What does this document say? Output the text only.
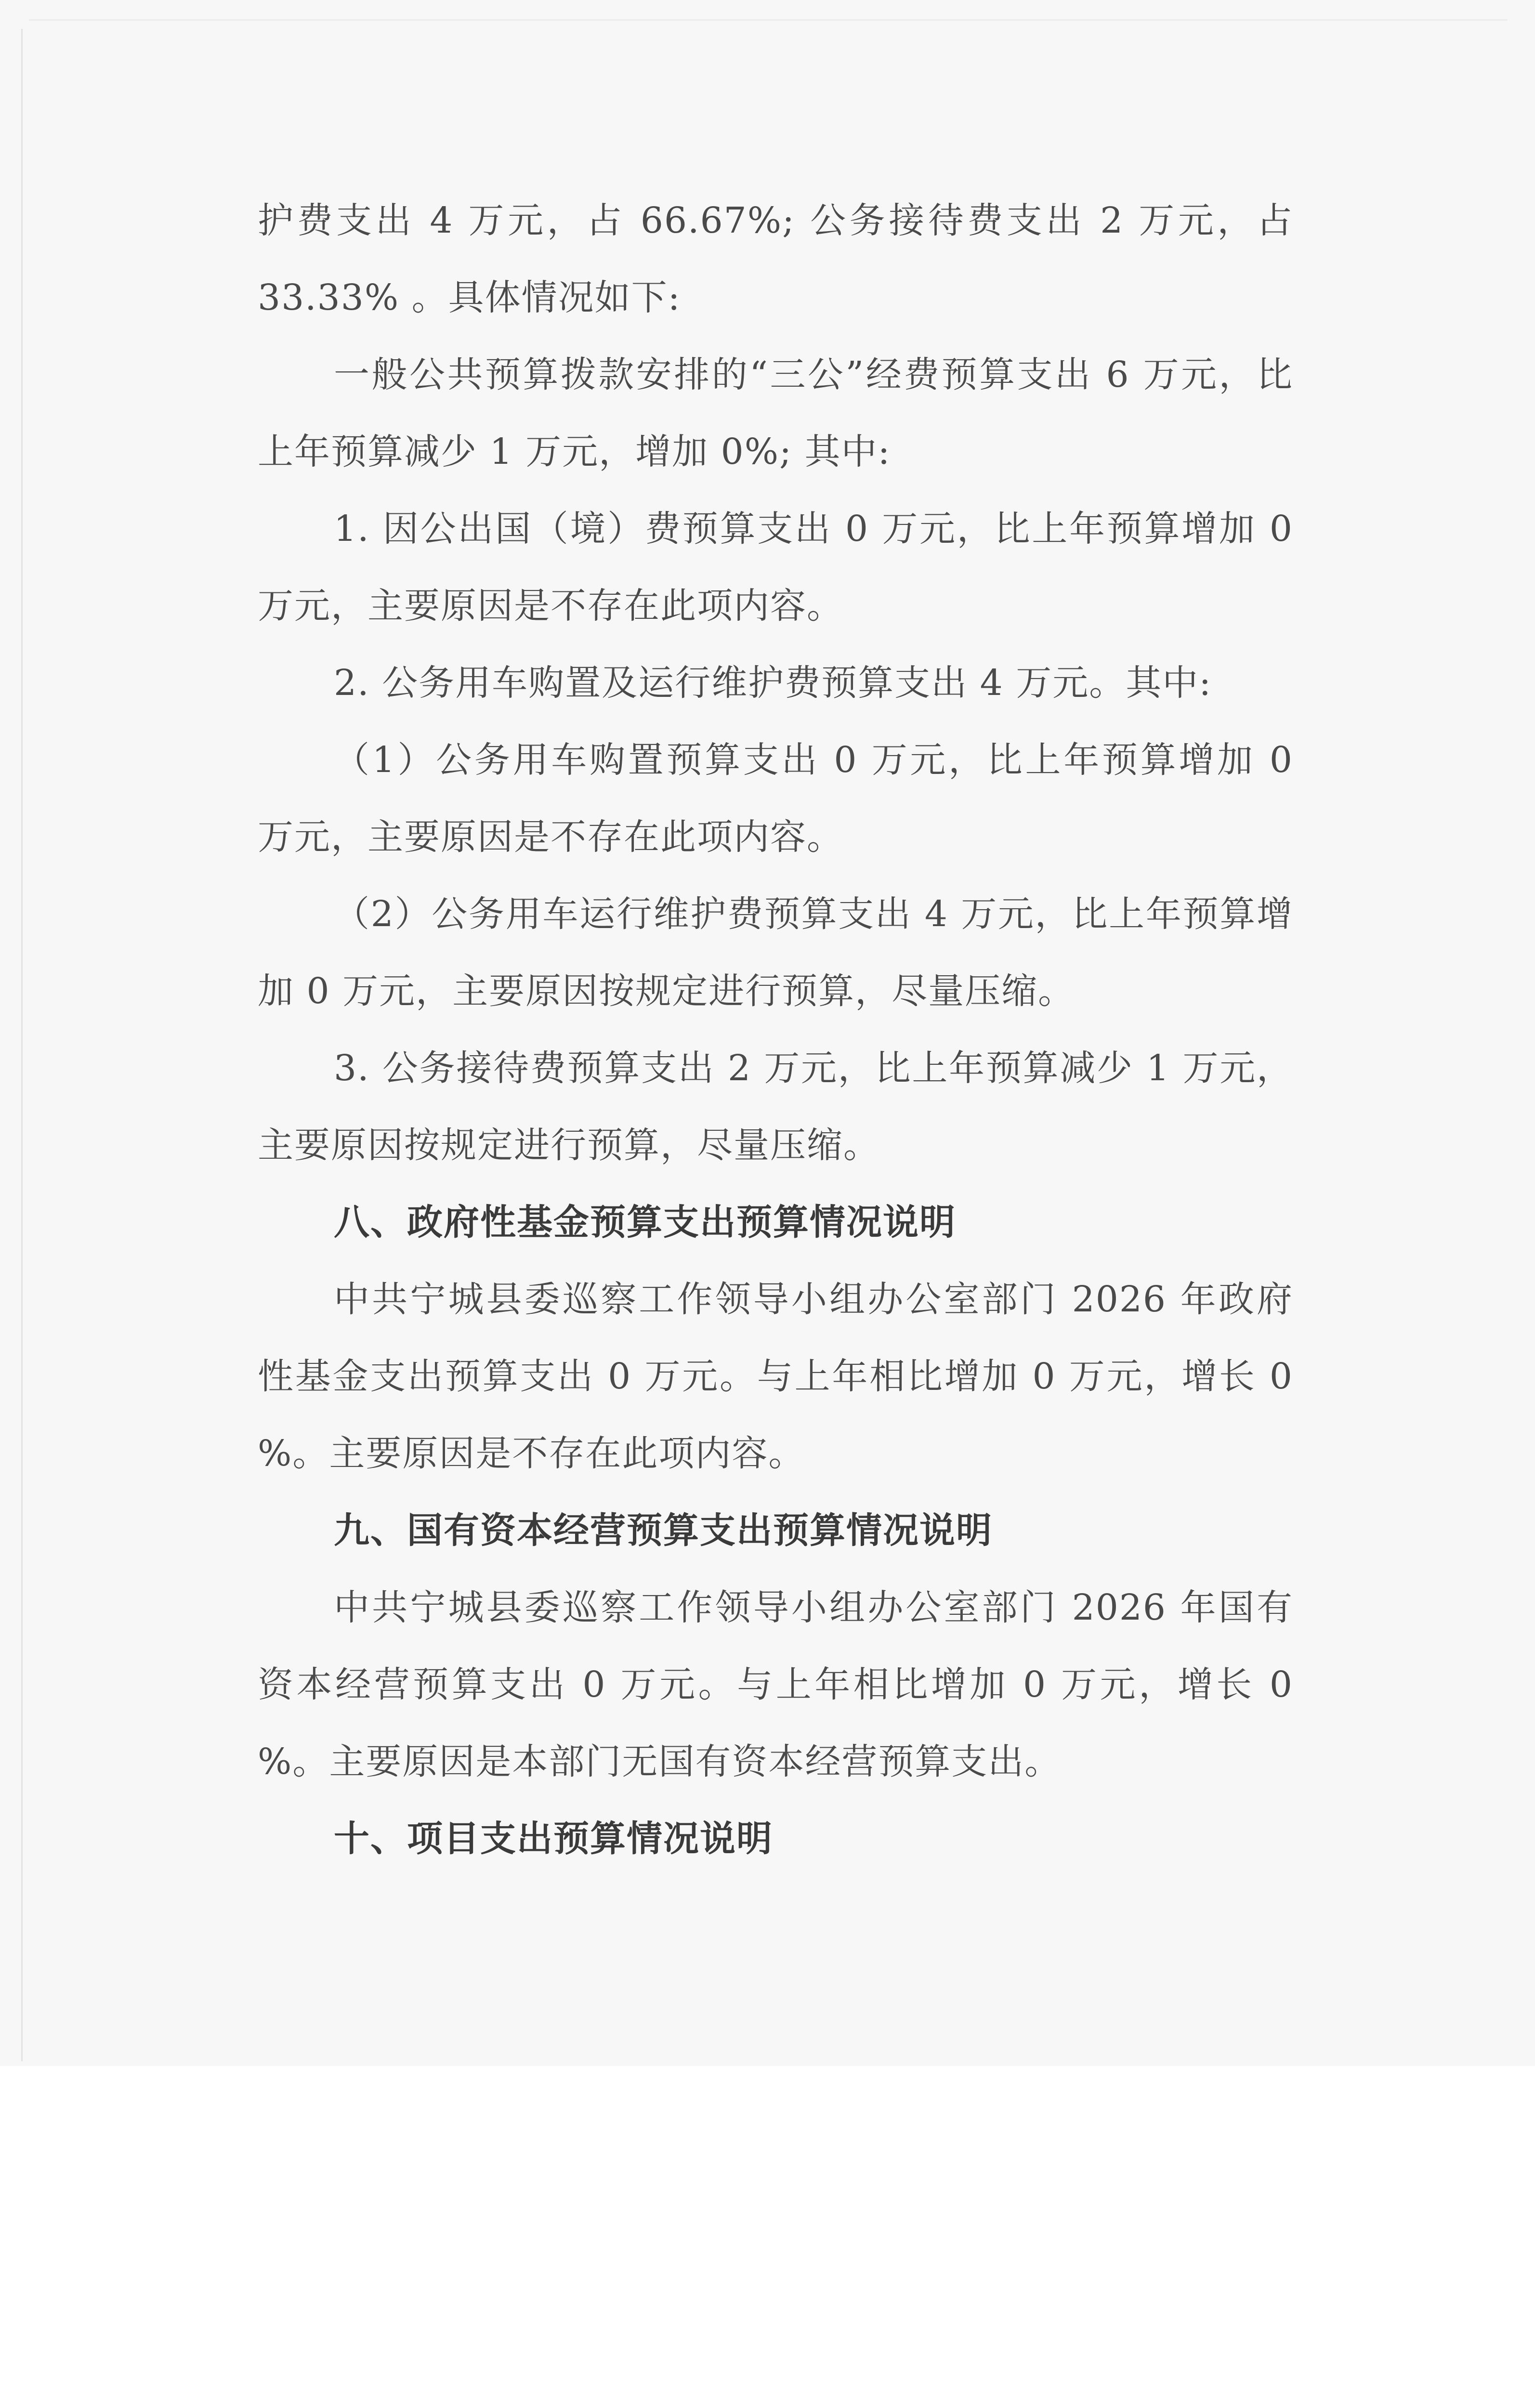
护费支出 4 万元，占 66.67%; 公务接待费支出 2 万元，占 33.33% 。具体情况如下:

一般公共预算拨款安排的“三公”经费预算支出 6 万元，比上年预算减少 1 万元，增加 0%; 其中:

1. 因公出国（境）费预算支出 0 万元，比上年预算增加 0 万元，主要原因是不存在此项内容。

2. 公务用车购置及运行维护费预算支出 4 万元。其中:

（1）公务用车购置预算支出 0 万元，比上年预算增加 0 万元，主要原因是不存在此项内容。

（2）公务用车运行维护费预算支出 4 万元，比上年预算增加 0 万元，主要原因按规定进行预算，尽量压缩。

3. 公务接待费预算支出 2 万元，比上年预算减少 1 万元，主要原因按规定进行预算，尽量压缩。

八、政府性基金预算支出预算情况说明

中共宁城县委巡察工作领导小组办公室部门 2026 年政府性基金支出预算支出 0 万元。与上年相比增加 0 万元，增长 0 %。主要原因是不存在此项内容。

九、国有资本经营预算支出预算情况说明

中共宁城县委巡察工作领导小组办公室部门 2026 年国有资本经营预算支出 0 万元。与上年相比增加 0 万元，增长 0 %。主要原因是本部门无国有资本经营预算支出。

十、项目支出预算情况说明
